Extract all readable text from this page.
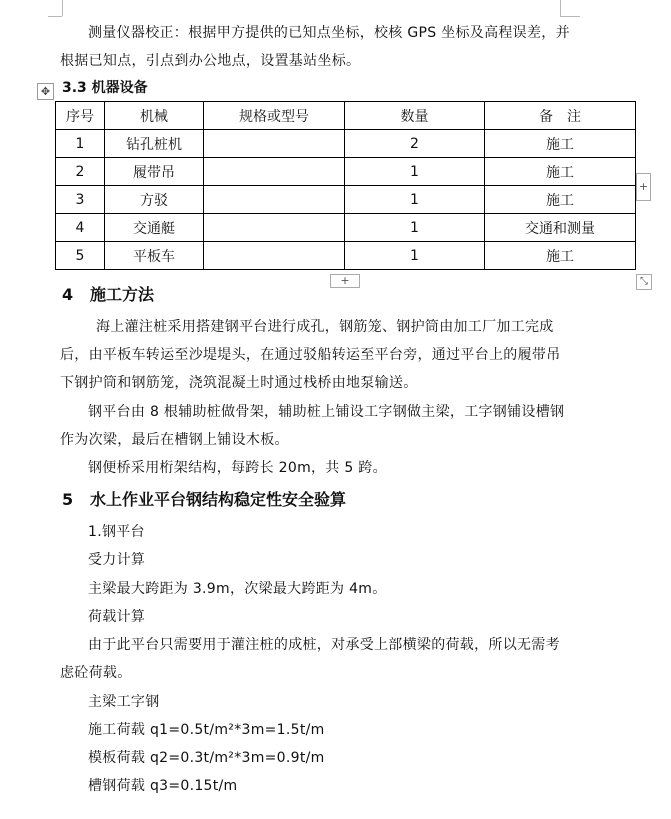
测量仪器校正：根据甲方提供的已知点坐标，校核 GPS 坐标及高程误差，并
根据已知点，引点到办公地点，设置基站坐标。
3.3 机器设备
✥
序号	机械	规格或型号	数量	备　注
1	钻孔桩机		2	施工
2	履带吊		1	施工
3	方驳		1	施工
4	交通艇		1	交通和测量
5	平板车		1	施工
+
+	⤡
4 施工方法
海上灌注桩采用搭建钢平台进行成孔，钢筋笼、钢护筒由加工厂加工完成
后，由平板车转运至沙堤堤头，在通过驳船转运至平台旁，通过平台上的履带吊
下钢护筒和钢筋笼，浇筑混凝土时通过栈桥由地泵输送。
钢平台由 8 根辅助桩做骨架，辅助桩上铺设工字钢做主梁，工字钢铺设槽钢
作为次梁，最后在槽钢上铺设木板。
钢便桥采用桁架结构，每跨长 20m，共 5 跨。
5 水上作业平台钢结构稳定性安全验算
1.钢平台
受力计算
主梁最大跨距为 3.9m，次梁最大跨距为 4m。
荷载计算
由于此平台只需要用于灌注桩的成桩，对承受上部横梁的荷载，所以无需考
虑砼荷载。
主梁工字钢
施工荷载 q1=0.5t/m²*3m=1.5t/m
模板荷载 q2=0.3t/m²*3m=0.9t/m
槽钢荷载 q3=0.15t/m
